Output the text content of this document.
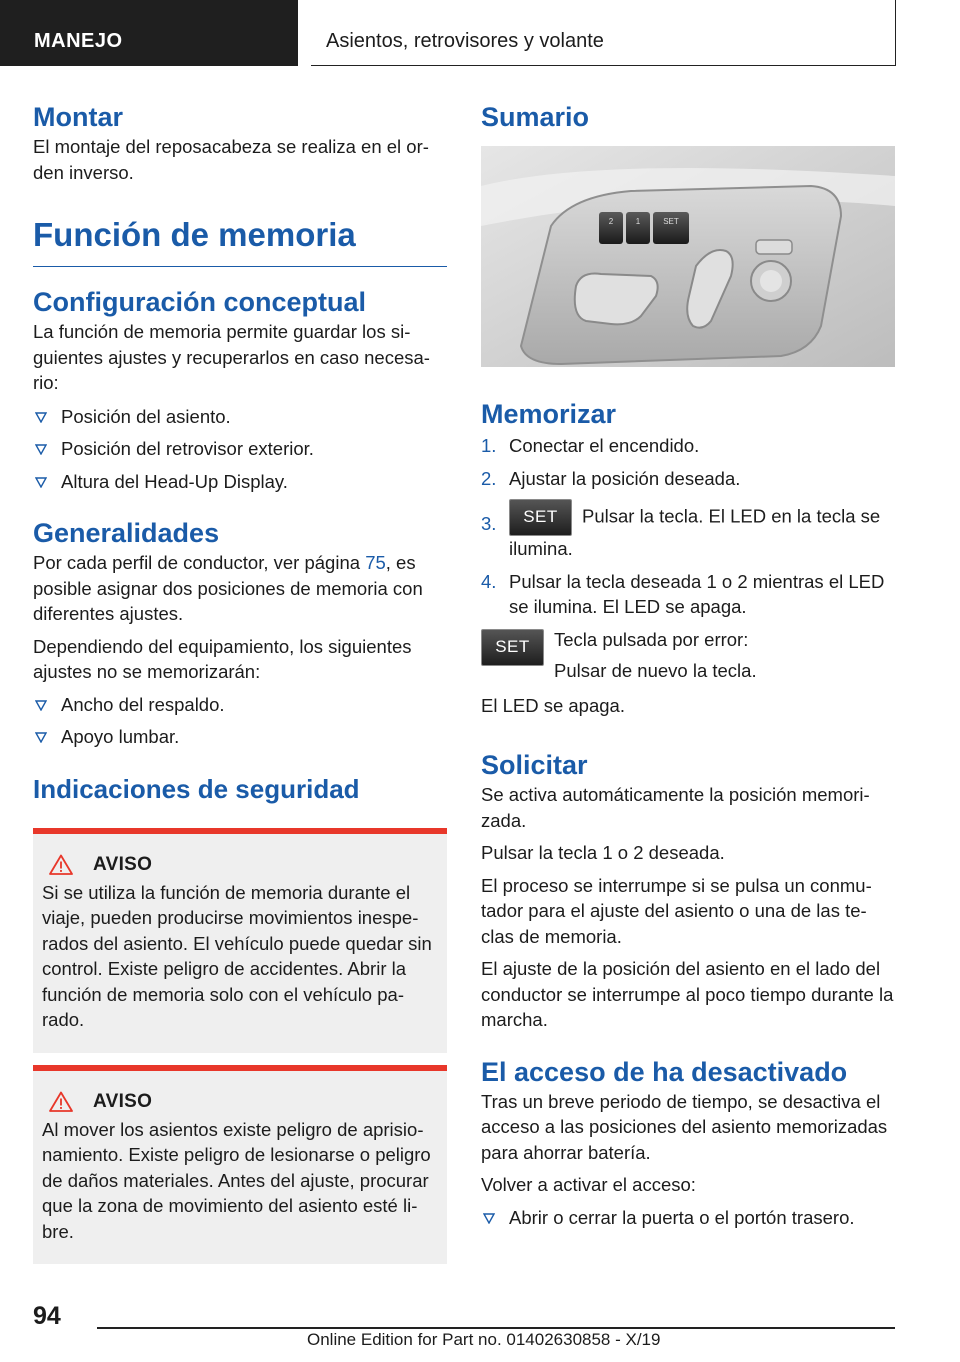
MANEJO	Asientos, retrovisores y volante
Montar

El montaje del reposacabeza se realiza en el or‐ den inverso.

Función de memoria
Configuración conceptual

La función de memoria permite guardar los si‐ guientes ajustes y recuperarlos en caso necesa‐ rio:

Posición del asiento.
Posición del retrovisor exterior.
Altura del Head-Up Display.
Generalidades

Por cada perfil de conductor, ver página 75, es posible asignar dos posiciones de memoria con diferentes ajustes.

Dependiendo del equipamiento, los siguientes ajustes no se memorizarán:

Ancho del respaldo.
Apoyo lumbar.
Indicaciones de seguridad
AVISO

Si se utiliza la función de memoria durante el viaje, pueden producirse movimientos inespe‐ rados del asiento. El vehículo puede quedar sin control. Existe peligro de accidentes. Abrir la función de memoria solo con el vehículo pa‐ rado.

AVISO

Al mover los asientos existe peligro de aprisio‐ namiento. Existe peligro de lesionarse o peligro de daños materiales. Antes del ajuste, procurar que la zona de movimiento del asiento esté li‐ bre.

Sumario
2	1	SET
Memorizar
1. Conectar el encendido.
2. Ajustar la posición deseada.
3. SET Pulsar la tecla. El LED en la tecla se ilumina.
4. Pulsar la tecla deseada 1 o 2 mientras el LED se ilumina. El LED se apaga.
SET	Tecla pulsada por error:

Pulsar de nuevo la tecla.

El LED se apaga.

Solicitar

Se activa automáticamente la posición memori‐ zada.

Pulsar la tecla 1 o 2 deseada.

El proceso se interrumpe si se pulsa un conmu‐ tador para el ajuste del asiento o una de las te‐ clas de memoria.

El ajuste de la posición del asiento en el lado del conductor se interrumpe al poco tiempo durante la marcha.

El acceso de ha desactivado

Tras un breve periodo de tiempo, se desactiva el acceso a las posiciones del asiento memorizadas para ahorrar batería.

Volver a activar el acceso:

Abrir o cerrar la puerta o el portón trasero.
94
Online Edition for Part no. 01402630858 - X/19
